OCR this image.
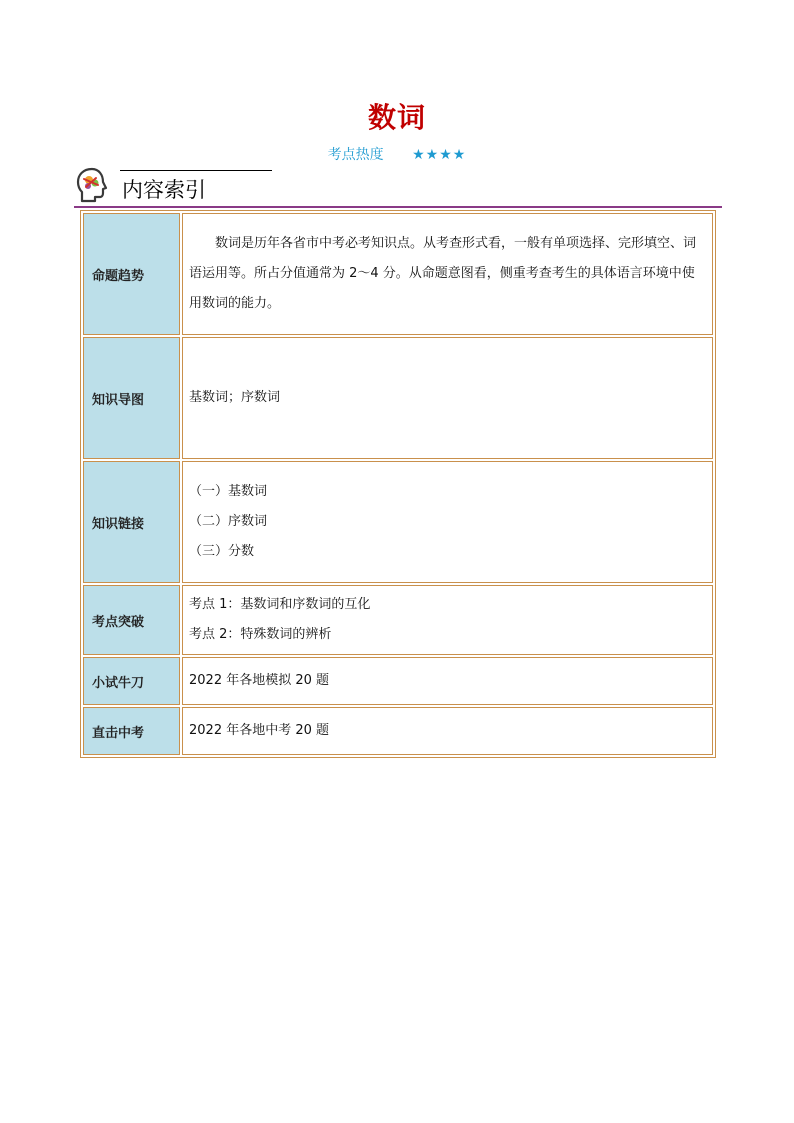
数词
考点热度 ★★★★
内容索引
命题趋势	数词是历年各省市中考必考知识点。从考查形式看，一般有单项选择、完形填空、词语运用等。所占分值通常为 2～4 分。从命题意图看，侧重考查考生的具体语言环境中使用数词的能力。

知识导图	基数词；序数词

知识链接	（一）基数词

（二）序数词

（三）分数

考点突破	考点 1：基数词和序数词的互化

考点 2：特殊数词的辨析

小试牛刀	2022 年各地模拟 20 题

直击中考	2022 年各地中考 20 题
